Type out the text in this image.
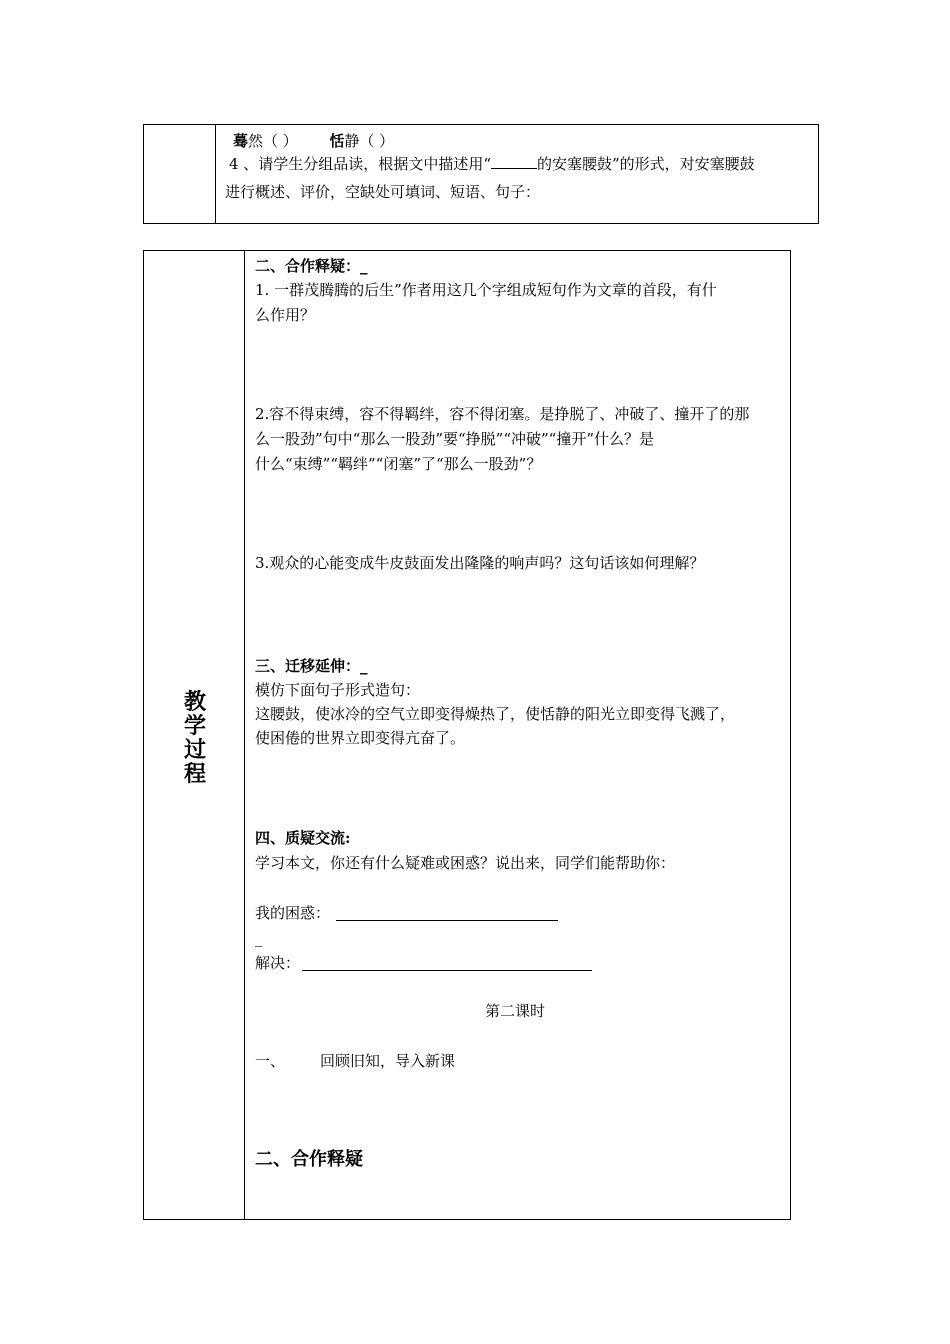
蓦然（ ） 恬静（ ）
4 、请学生分组品读，根据文中描述用“	的安塞腰鼓”的形式，对安塞腰鼓
进行概述、评价，空缺处可填词、短语、句子：
教
学
过
程
二、合作释疑：_
1. 一群茂腾腾的后生”作者用这几个字组成短句作为文章的首段，有什
么作用？
2.容不得束缚，容不得羁绊，容不得闭塞。是挣脱了、冲破了、撞开了的那
么一股劲”句中“那么一股劲”要“挣脱”“冲破”“撞开”什么？是
什么“束缚”“羁绊”“闭塞”了“那么一股劲”？
3.观众的心能变成牛皮鼓面发出隆隆的响声吗？这句话该如何理解？
三、迁移延伸：_
模仿下面句子形式造句：
这腰鼓，使冰冷的空气立即变得燥热了，使恬静的阳光立即变得飞溅了，
使困倦的世界立即变得亢奋了。
四、质疑交流:
学习本文，你还有什么疑难或困惑？说出来，同学们能帮助你：
我的困惑：
_
解决：
第二课时
一、 回顾旧知，导入新课
二、合作释疑
